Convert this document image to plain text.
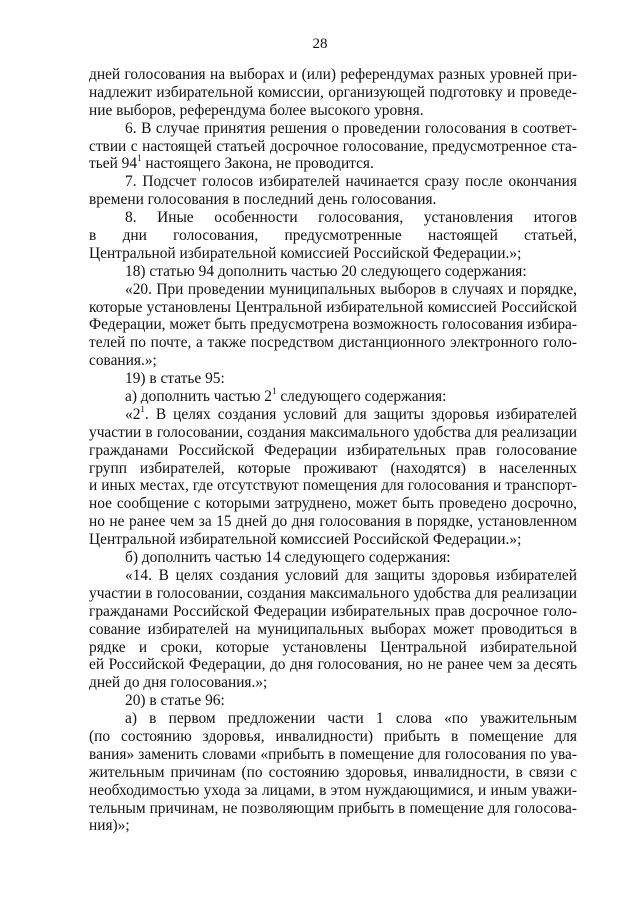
28
дней голосования на выборах и (или) референдумах разных уровней при-
надлежит избирательной комиссии, организующей подготовку и проведе-
ние выборов, референдума более высокого уровня.
6. В случае принятия решения о проведении голосования в соответ-
ствии с настоящей статьей досрочное голосование, предусмотренное ста-
тьей $94^1$ настоящего Закона, не проводится.
7. Подсчет голосов избирателей начинается сразу после окончания
времени голосования в последний день голосования.
8. Иные особенности голосования, установления итогов
в дни голосования, предусмотренные настоящей статьей,
Центральной избирательной комиссией Российской Федерации.»;
18) статью 94 дополнить частью 20 следующего содержания:
«20. При проведении муниципальных выборов в случаях и порядке,
которые установлены Центральной избирательной комиссией Российской
Федерации, может быть предусмотрена возможность голосования избира-
телей по почте, а также посредством дистанционного электронного голо-
сования.»;
19) в статье 95:
а) дополнить частью $2^1$ следующего содержания:
«$2^1$. В целях создания условий для защиты здоровья избирателей
участии в голосовании, создания максимального удобства для реализации
гражданами Российской Федерации избирательных прав голосование
групп избирателей, которые проживают (находятся) в населенных
и иных местах, где отсутствуют помещения для голосования и транспорт-
ное сообщение с которыми затруднено, может быть проведено досрочно,
но не ранее чем за 15 дней до дня голосования в порядке, установленном
Центральной избирательной комиссией Российской Федерации.»;
б) дополнить частью 14 следующего содержания:
«14. В целях создания условий для защиты здоровья избирателей
участии в голосовании, создания максимального удобства для реализации
гражданами Российской Федерации избирательных прав досрочное голо-
сование избирателей на муниципальных выборах может проводиться в
рядке и сроки, которые установлены Центральной избирательной
ей Российской Федерации, до дня голосования, но не ранее чем за десять
дней до дня голосования.»;
20) в статье 96:
а) в первом предложении части 1 слова «по уважительным
(по состоянию здоровья, инвалидности) прибыть в помещение для
вания» заменить словами «прибыть в помещение для голосования по ува-
жительным причинам (по состоянию здоровья, инвалидности, в связи с
необходимостью ухода за лицами, в этом нуждающимися, и иным уважи-
тельным причинам, не позволяющим прибыть в помещение для голосова-
ния)»;
